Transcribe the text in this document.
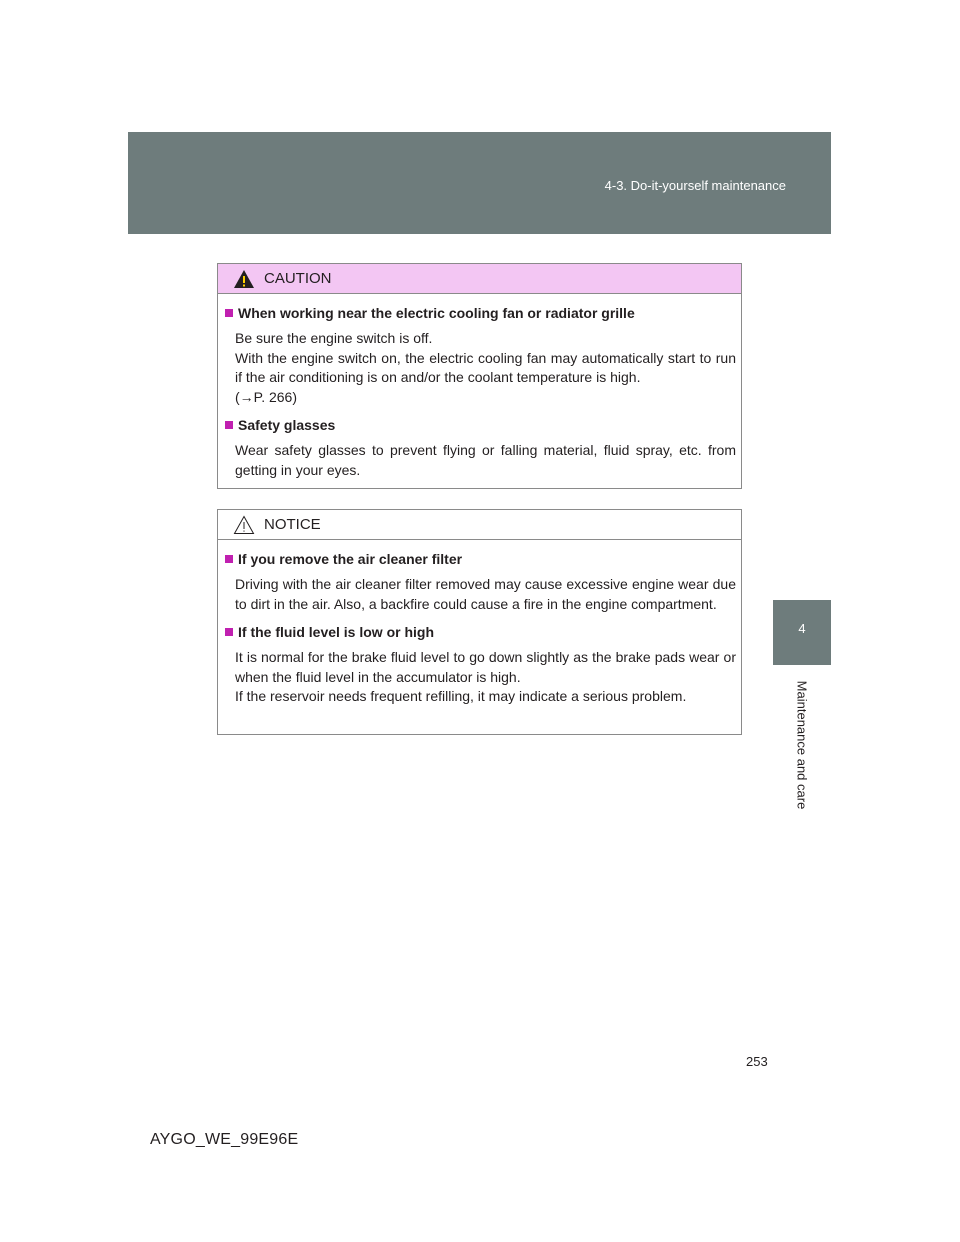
4-3. Do-it-yourself maintenance
4
Maintenance and care
CAUTION
When working near the electric cooling fan or radiator grille
Be sure the engine switch is off.
With the engine switch on, the electric cooling fan may automatically start to run if the air conditioning is on and/or the coolant temperature is high.
(→P. 266)
Safety glasses
Wear safety glasses to prevent flying or falling material, fluid spray, etc. from getting in your eyes.
NOTICE
If you remove the air cleaner filter
Driving with the air cleaner filter removed may cause excessive engine wear due to dirt in the air. Also, a backfire could cause a fire in the engine compartment.
If the fluid level is low or high
It is normal for the brake fluid level to go down slightly as the brake pads wear or when the fluid level in the accumulator is high.
If the reservoir needs frequent refilling, it may indicate a serious problem.
253
AYGO_WE_99E96E
